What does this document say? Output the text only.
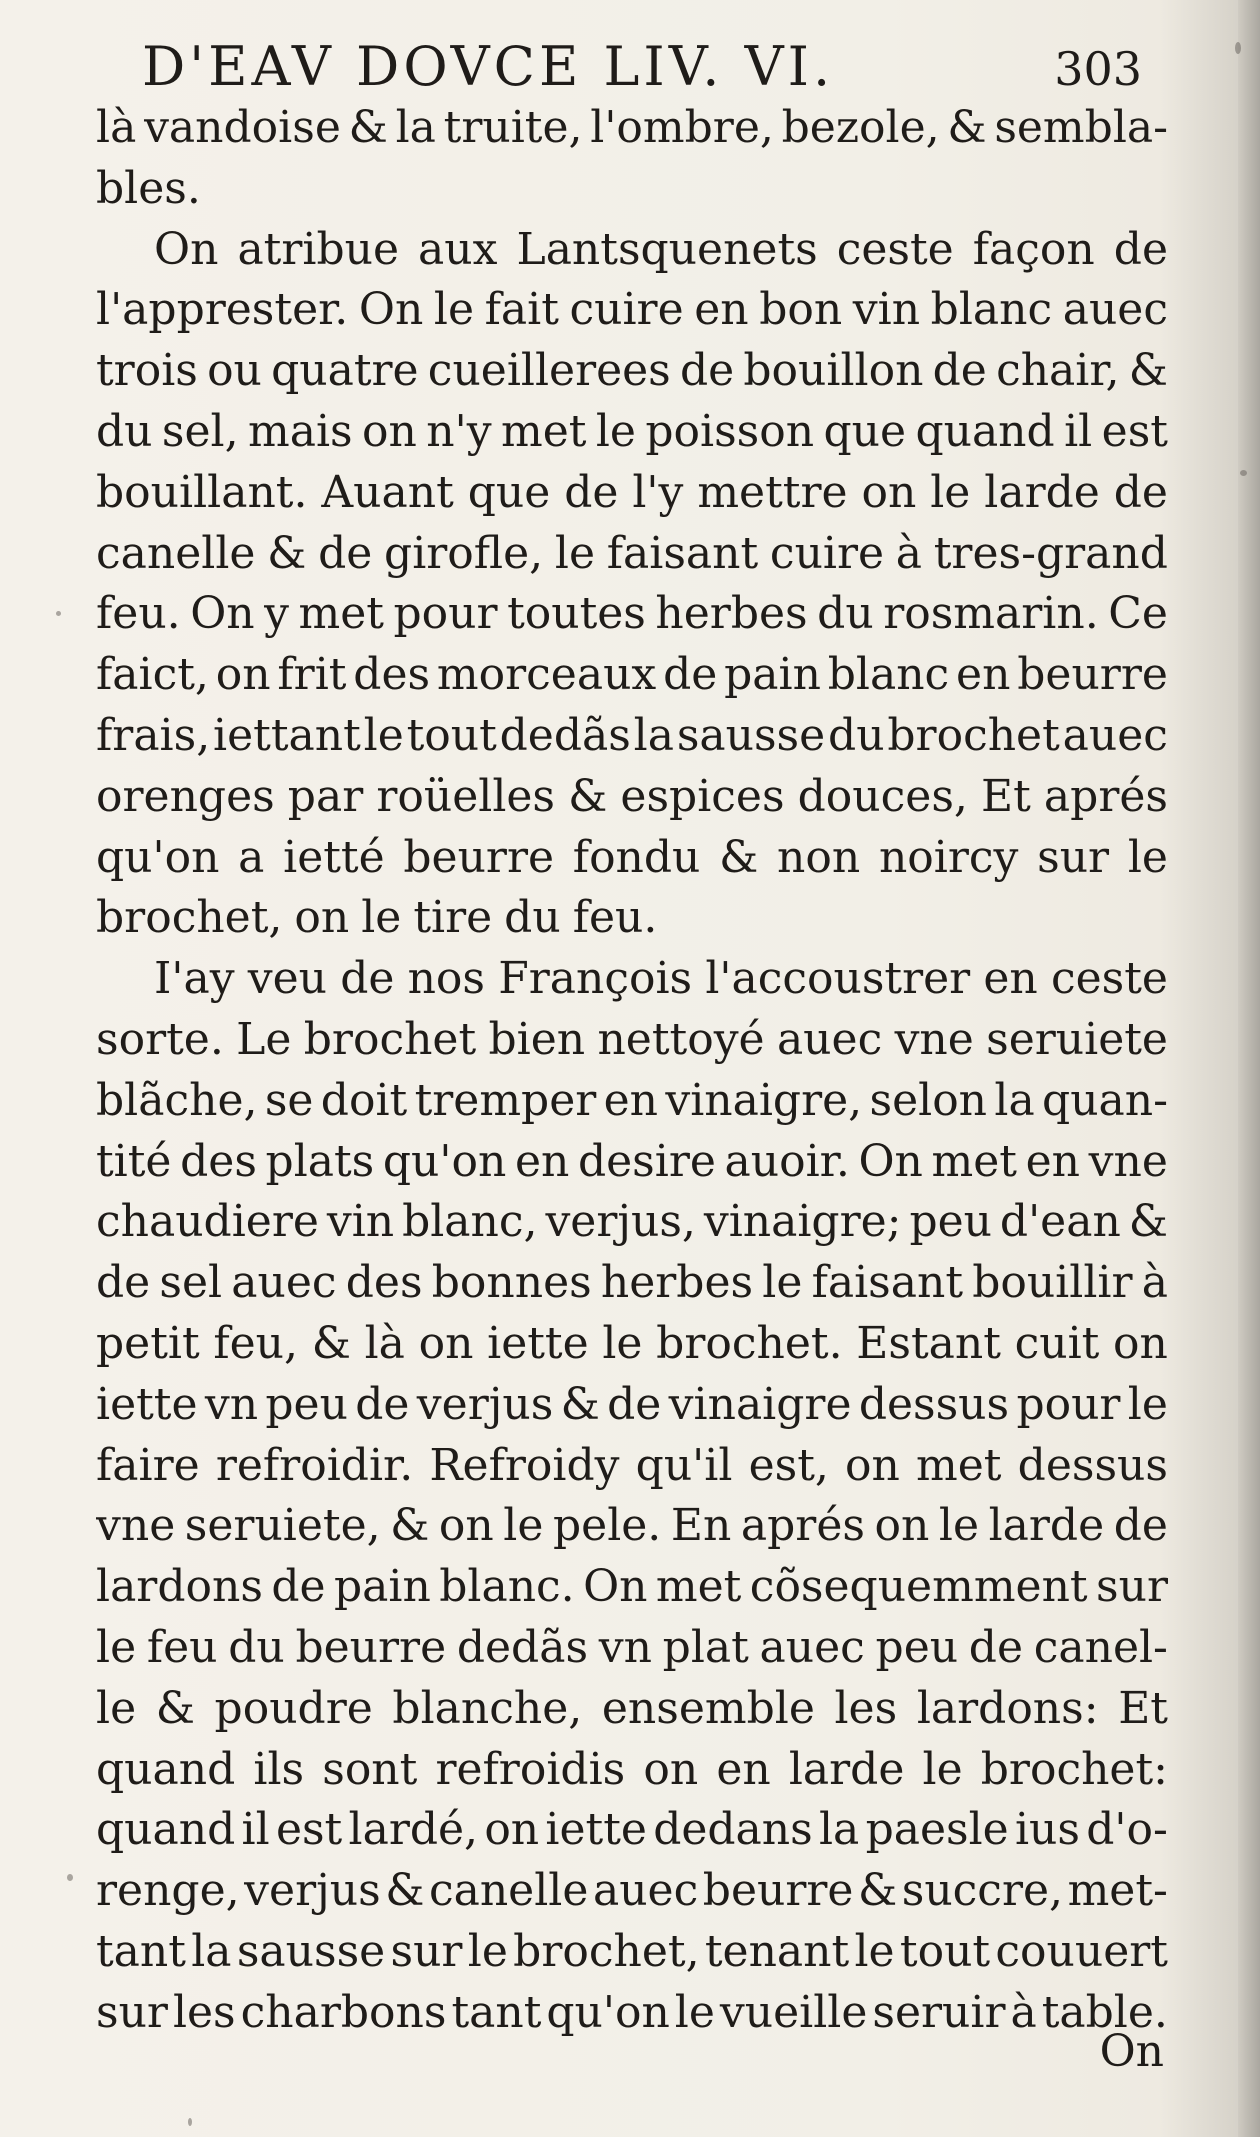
D'EAV DOVCE LIV. VI.	303
là vandoise & la truite, l'ombre, bezole, & sembla-
bles.
On atribue aux Lantsquenets ceste façon de
l'apprester. On le fait cuire en bon vin blanc auec
trois ou quatre cueillerees de bouillon de chair, &
du sel, mais on n'y met le poisson que quand il est
bouillant. Auant que de l'y mettre on le larde de
canelle & de girofle, le faisant cuire à tres-grand
feu. On y met pour toutes herbes du rosmarin. Ce
faict, on frit des morceaux de pain blanc en beurre
frais, iettant le tout dedãs la sausse du brochet auec
orenges par roüelles & espices douces, Et aprés
qu'on a ietté beurre fondu & non noircy sur le
brochet, on le tire du feu.
I'ay veu de nos François l'accoustrer en ceste
sorte. Le brochet bien nettoyé auec vne seruiete
blãche, se doit tremper en vinaigre, selon la quan-
tité des plats qu'on en desire auoir. On met en vne
chaudiere vin blanc, verjus, vinaigre; peu d'ean &
de sel auec des bonnes herbes le faisant bouillir à
petit feu, & là on iette le brochet. Estant cuit on
iette vn peu de verjus & de vinaigre dessus pour le
faire refroidir. Refroidy qu'il est, on met dessus
vne seruiete, & on le pele. En aprés on le larde de
lardons de pain blanc. On met cõsequemment sur
le feu du beurre dedãs vn plat auec peu de canel-
le & poudre blanche, ensemble les lardons: Et
quand ils sont refroidis on en larde le brochet:
quand il est lardé, on iette dedans la paesle ius d'o-
renge, verjus & canelle auec beurre & succre, met-
tant la sausse sur le brochet, tenant le tout couuert
sur les charbons tant qu'on le vueille seruir à table.
On
